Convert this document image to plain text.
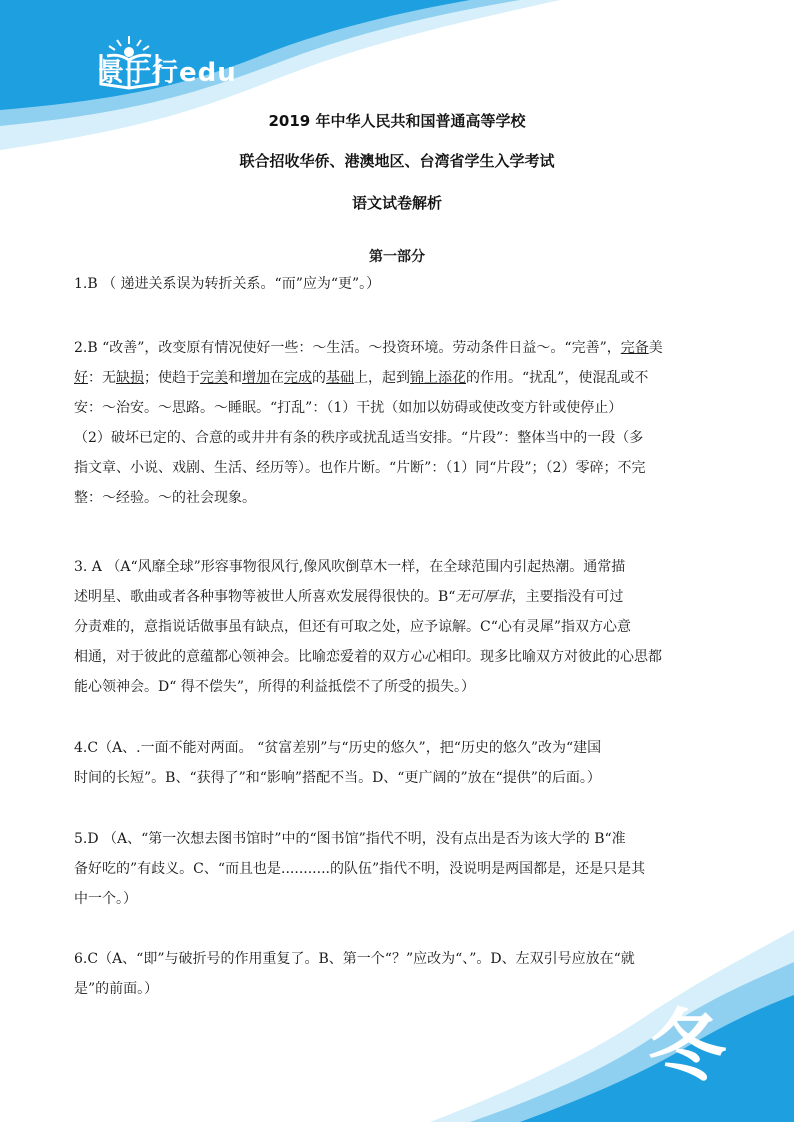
景于行edu
2019 年中华人民共和国普通高等学校
联合招收华侨、港澳地区、台湾省学生入学考试
语文试卷解析
第一部分

1.B （ 递进关系误为转折关系。“而”应为“更”。）

2.B “改善”，改变原有情况使好一些：～生活。～投资环境。劳动条件日益～。“完善”，完备美

好：无缺损；使趋于完美和增加在完成的基础上，起到锦上添花的作用。“扰乱”，使混乱或不

安：～治安。～思路。～睡眠。“打乱”：（1）干扰（如加以妨碍或使改变方针或使停止）

（2）破坏已定的、合意的或井井有条的秩序或扰乱适当安排。“片段”：整体当中的一段（多

指文章、小说、戏剧、生活、经历等）。也作片断。“片断”：（1）同“片段”；（2）零碎；不完

整：～经验。～的社会现象。

3. A （A“风靡全球”形容事物很风行,像风吹倒草木一样，在全球范围内引起热潮。通常描

述明星、歌曲或者各种事物等被世人所喜欢发展得很快的。B“无可厚非，主要指没有可过

分责难的，意指说话做事虽有缺点，但还有可取之处，应予谅解。C“心有灵犀”指双方心意

相通，对于彼此的意蕴都心领神会。比喻恋爱着的双方心心相印。现多比喻双方对彼此的心思都

能心领神会。D“ 得不偿失”，所得的利益抵偿不了所受的损失。）

4.C（A、.一面不能对两面。 “贫富差别”与“历史的悠久”，把“历史的悠久”改为“建国

时间的长短”。B、“获得了”和“影响”搭配不当。D、“更广阔的”放在“提供”的后面。）

5.D （A、“第一次想去图书馆时”中的“图书馆”指代不明，没有点出是否为该大学的 B“准

备好吃的”有歧义。C、“而且也是...........的队伍”指代不明，没说明是两国都是，还是只是其

中一个。）

6.C（A、“即”与破折号的作用重复了。B、第一个“？”应改为“、”。D、左双引号应放在“就

是”的前面。）

冬
